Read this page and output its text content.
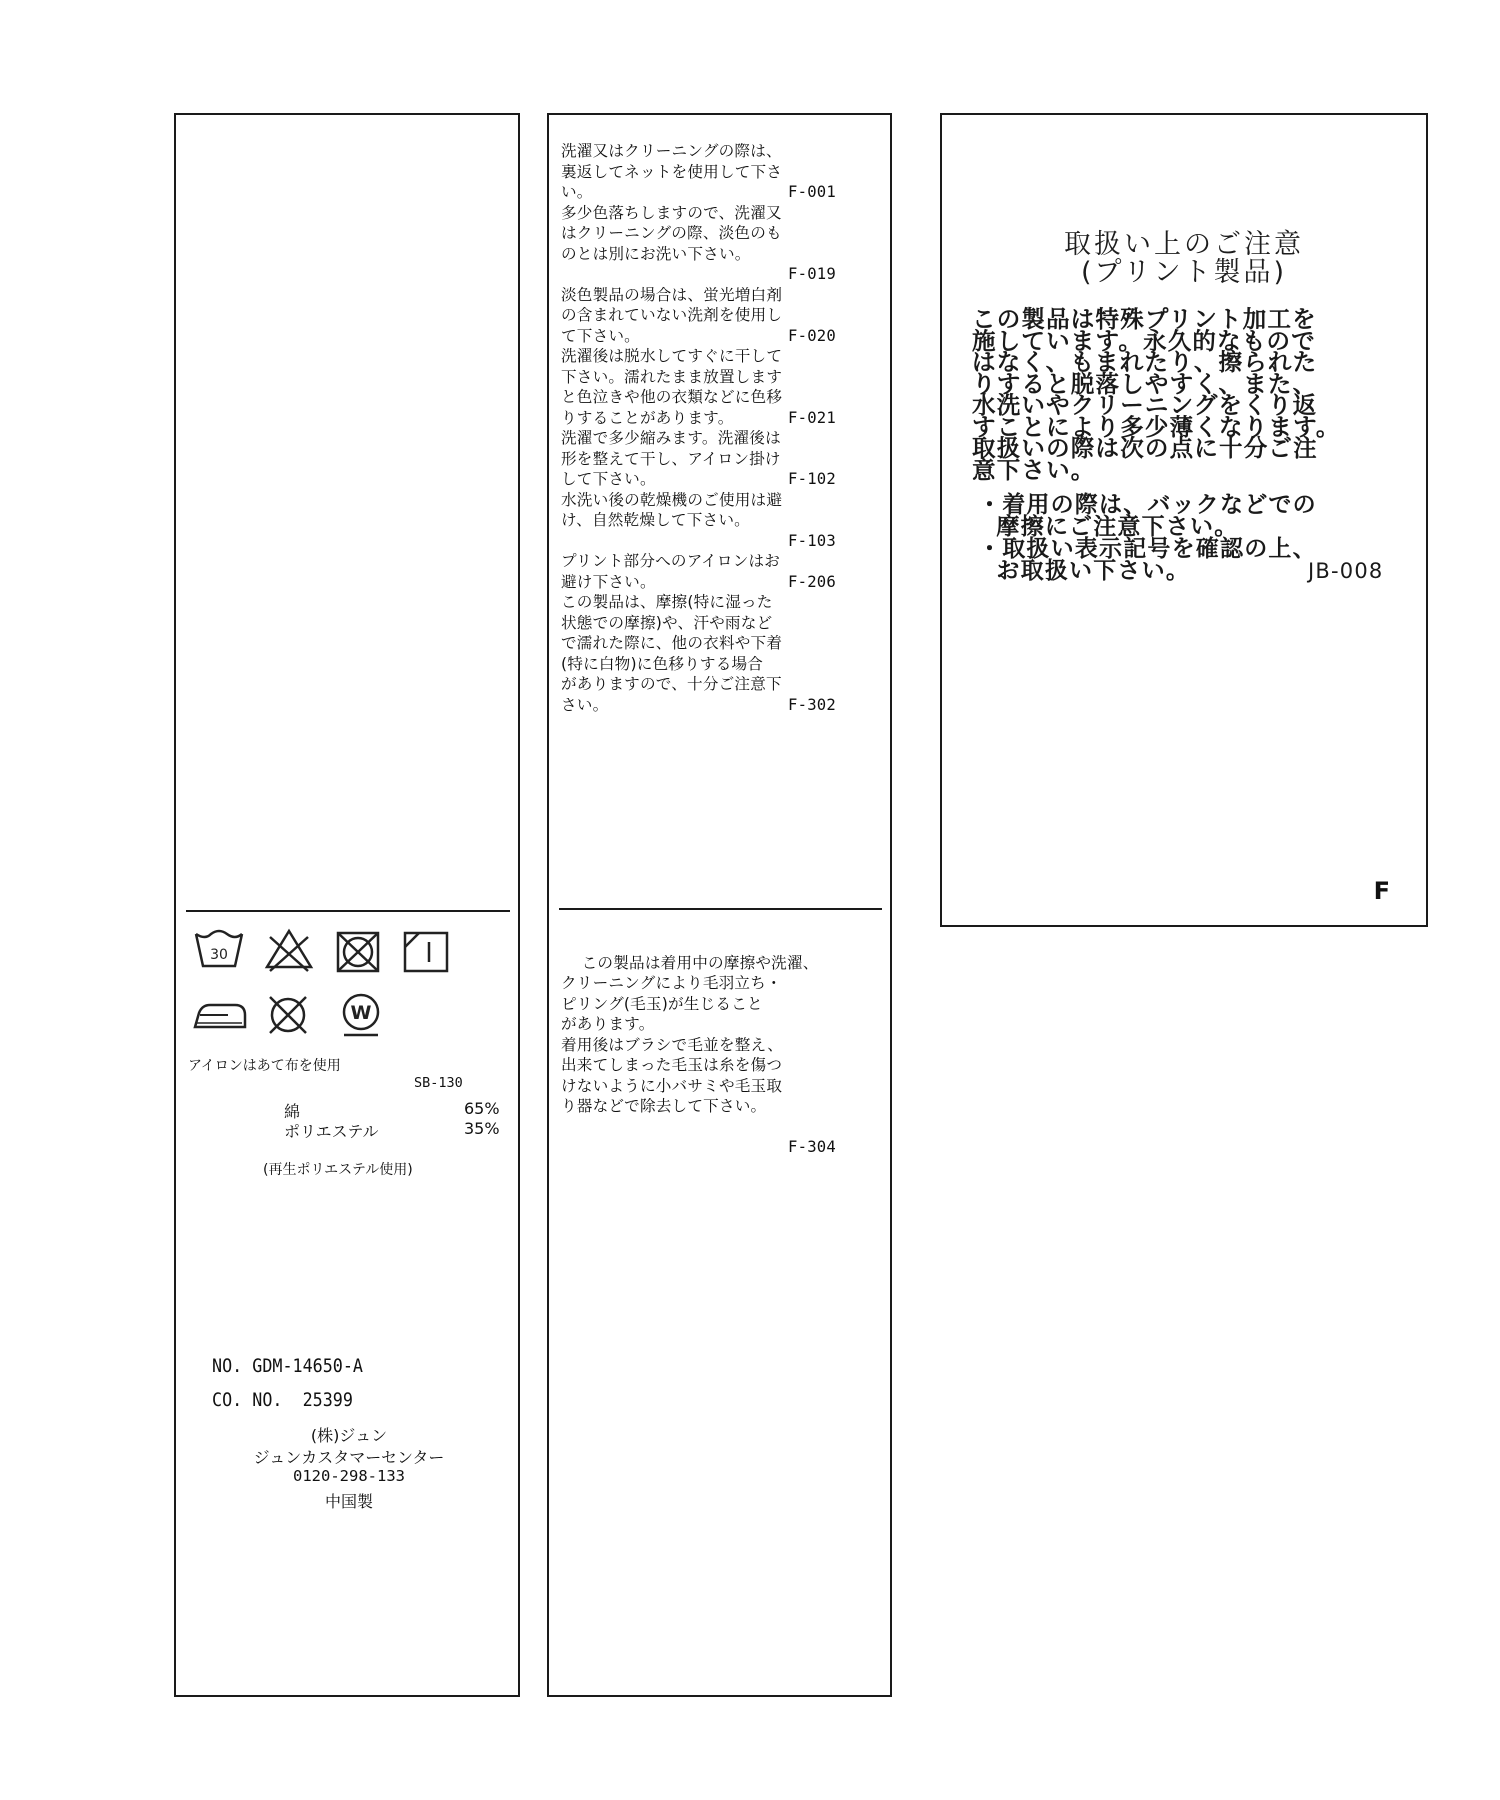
30
W
アイロンはあて布を使用
SB-130
綿	65%
ポリエステル	35%
(再生ポリエステル使用)
NO. GDM-14650-A
CO. NO.  25399
(株)ジュン
ジュンカスタマーセンター
0120-298-133
中国製
洗濯又はクリーニングの際は、
裏返してネットを使用して下さ

F-001
い。
多少色落ちしますので、洗濯又
はクリーニングの際、淡色のも
のとは別にお洗い下さい。
F-019
淡色製品の場合は、蛍光増白剤
の含まれていない洗剤を使用し

F-020
て下さい。
洗濯後は脱水してすぐに干して
下さい。濡れたまま放置します
と色泣きや他の衣類などに色移

F-021
りすることがあります。
洗濯で多少縮みます。洗濯後は
形を整えて干し、アイロン掛け

F-102
して下さい。
水洗い後の乾燥機のご使用は避
け、自然乾燥して下さい。
F-103
プリント部分へのアイロンはお

F-206
避け下さい。
この製品は、摩擦(特に湿った
状態での摩擦)や、汗や雨など
で濡れた際に、他の衣料や下着
(特に白物)に色移りする場合
がありますので、十分ご注意下

F-302
さい。

この製品は着用中の摩擦や洗濯、
クリーニングにより毛羽立ち・
ピリング(毛玉)が生じること
があります。
着用後はブラシで毛並を整え、
出来てしまった毛玉は糸を傷つ
けないように小バサミや毛玉取
り器などで除去して下さい。

F-304

取扱い上のご注意
(プリント製品)
この製品は特殊プリント加工を
施しています。永久的なもので
はなく、もまれたり、擦られた
りすると脱落しやすく、また、
水洗いやクリーニングをくり返
すことにより多少薄くなります。
取扱いの際は次の点に十分ご注
意下さい。
・着用の際は、バックなどでの
摩擦にご注意下さい。
・取扱い表示記号を確認の上、
お取扱い下さい。	JB-008
F
